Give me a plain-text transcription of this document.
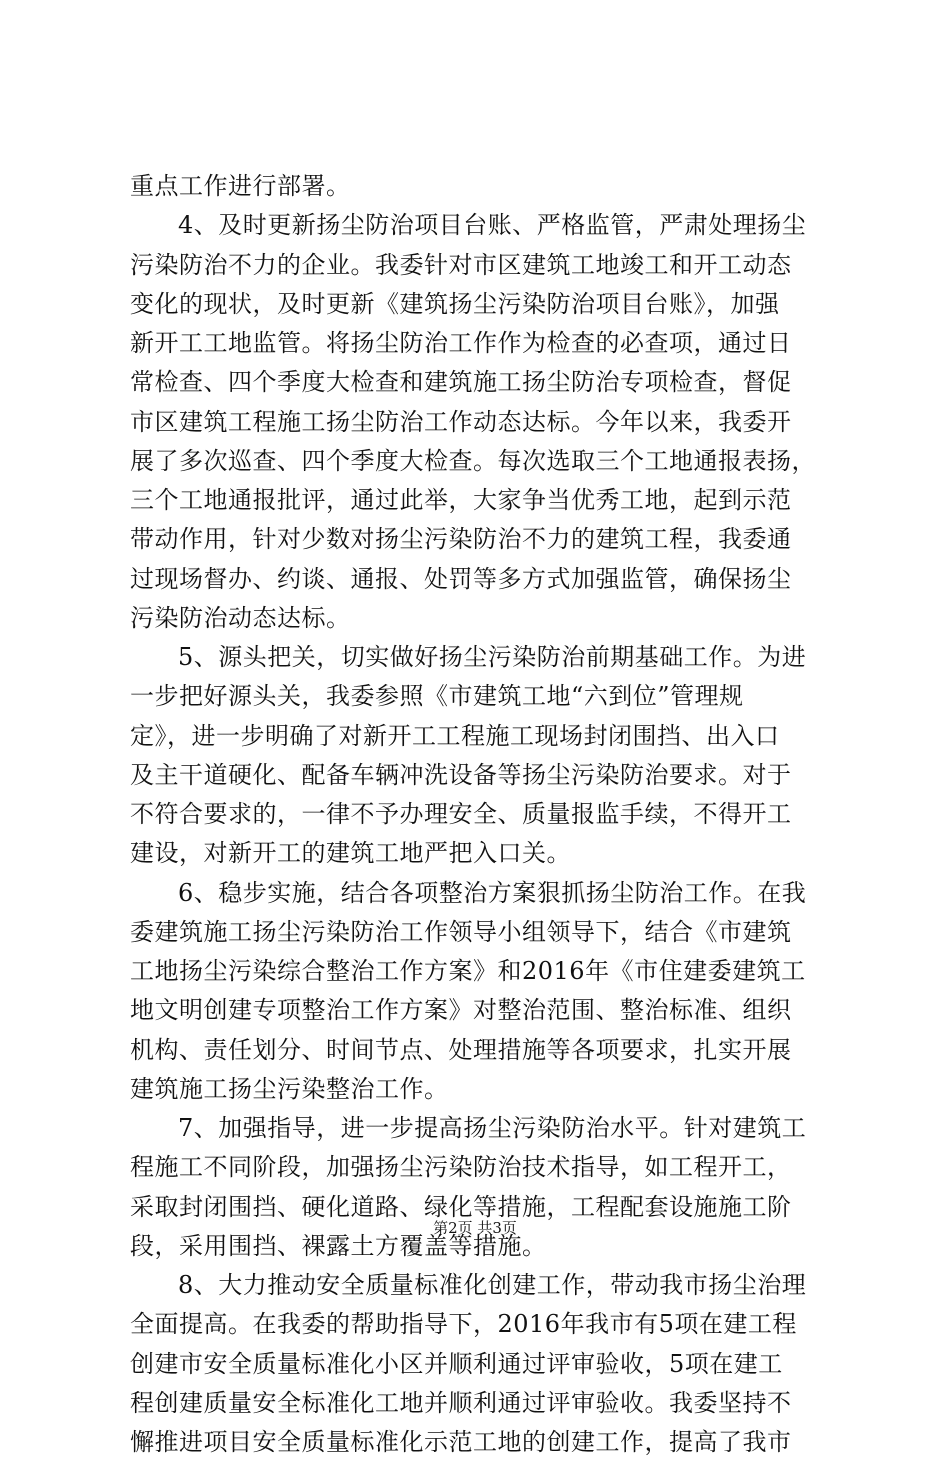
重点工作进行部署。
4、及时更新扬尘防治项目台账、严格监管，严肃处理扬尘
污染防治不力的企业。我委针对市区建筑工地竣工和开工动态
变化的现状，及时更新《建筑扬尘污染防治项目台账》，加强
新开工工地监管。将扬尘防治工作作为检查的必查项，通过日
常检查、四个季度大检查和建筑施工扬尘防治专项检查，督促
市区建筑工程施工扬尘防治工作动态达标。今年以来，我委开
展了多次巡查、四个季度大检查。每次选取三个工地通报表扬，
三个工地通报批评，通过此举，大家争当优秀工地，起到示范
带动作用，针对少数对扬尘污染防治不力的建筑工程，我委通
过现场督办、约谈、通报、处罚等多方式加强监管，确保扬尘
污染防治动态达标。
5、源头把关，切实做好扬尘污染防治前期基础工作。为进
一步把好源头关，我委参照《市建筑工地“六到位”管理规
定》，进一步明确了对新开工工程施工现场封闭围挡、出入口
及主干道硬化、配备车辆冲洗设备等扬尘污染防治要求。对于
不符合要求的，一律不予办理安全、质量报监手续，不得开工
建设，对新开工的建筑工地严把入口关。
6、稳步实施，结合各项整治方案狠抓扬尘防治工作。在我
委建筑施工扬尘污染防治工作领导小组领导下，结合《市建筑
工地扬尘污染综合整治工作方案》和2016年《市住建委建筑工
地文明创建专项整治工作方案》对整治范围、整治标准、组织
机构、责任划分、时间节点、处理措施等各项要求，扎实开展
建筑施工扬尘污染整治工作。
7、加强指导，进一步提高扬尘污染防治水平。针对建筑工
程施工不同阶段，加强扬尘污染防治技术指导，如工程开工，
采取封闭围挡、硬化道路、绿化等措施，工程配套设施施工阶
段，采用围挡、裸露土方覆盖等措施。
8、大力推动安全质量标准化创建工作，带动我市扬尘治理
全面提高。在我委的帮助指导下，2016年我市有5项在建工程
创建市安全质量标准化小区并顺利通过评审验收，5项在建工
程创建质量安全标准化工地并顺利通过评审验收。我委坚持不
懈推进项目安全质量标准化示范工地的创建工作，提高了我市
第2页 共3页
